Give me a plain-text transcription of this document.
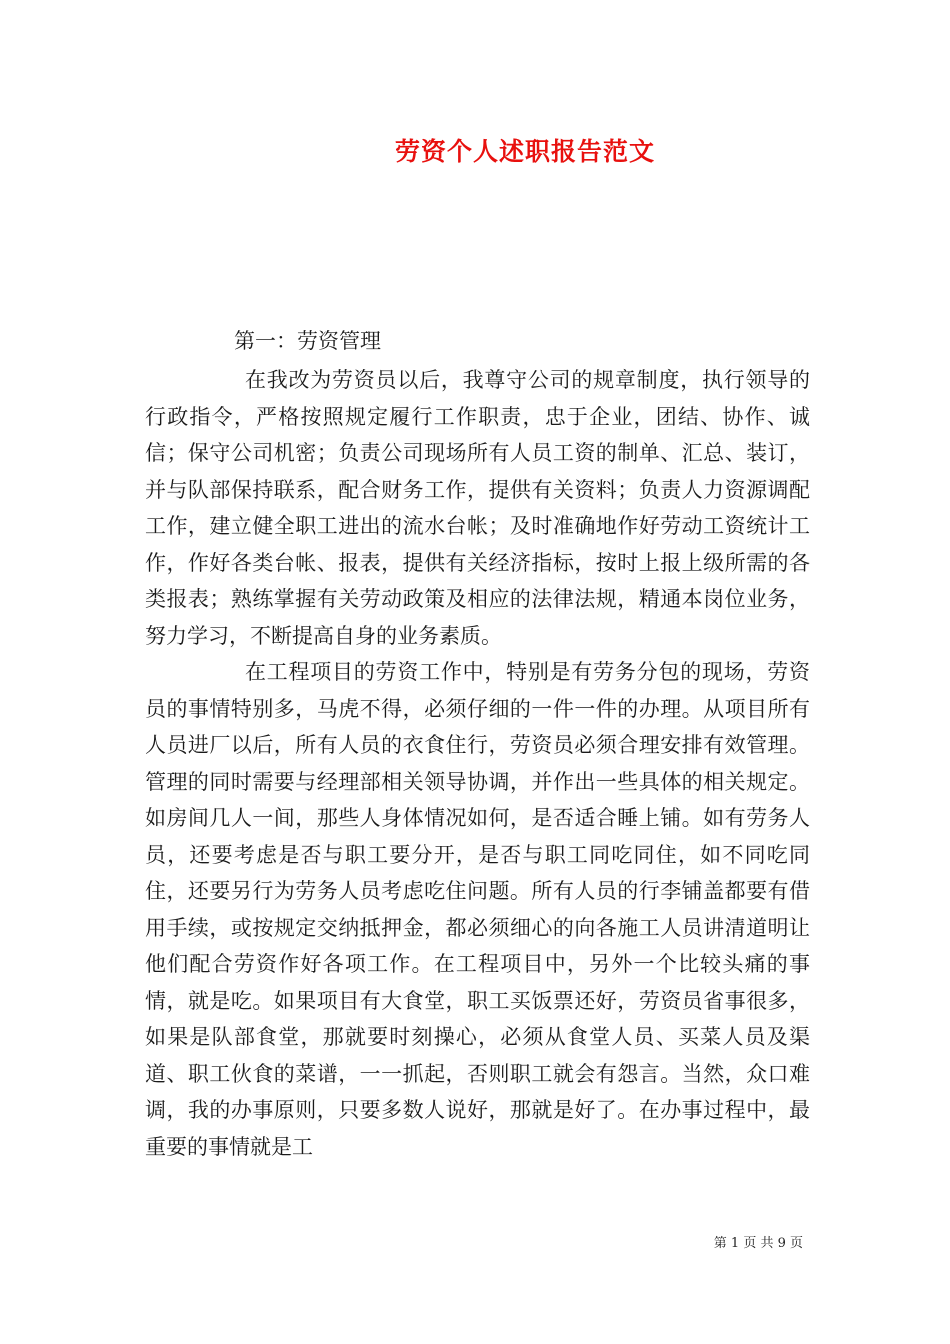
劳资个人述职报告范文
第一：劳资管理

在我改为劳资员以后，我尊守公司的规章制度，执行领导的行政指令，严格按照规定履行工作职责，忠于企业，团结、协作、诚信；保守公司机密；负责公司现场所有人员工资的制单、汇总、装订，并与队部保持联系，配合财务工作，提供有关资料；负责人力资源调配工作，建立健全职工进出的流水台帐；及时准确地作好劳动工资统计工作，作好各类台帐、报表，提供有关经济指标，按时上报上级所需的各类报表；熟练掌握有关劳动政策及相应的法律法规，精通本岗位业务，努力学习，不断提高自身的业务素质。

在工程项目的劳资工作中，特别是有劳务分包的现场，劳资员的事情特别多，马虎不得，必须仔细的一件一件的办理。从项目所有人员进厂以后，所有人员的衣食住行，劳资员必须合理安排有效管理。管理的同时需要与经理部相关领导协调，并作出一些具体的相关规定。如房间几人一间，那些人身体情况如何，是否适合睡上铺。如有劳务人员，还要考虑是否与职工要分开，是否与职工同吃同住，如不同吃同住，还要另行为劳务人员考虑吃住问题。所有人员的行李铺盖都要有借用手续，或按规定交纳抵押金，都必须细心的向各施工人员讲清道明让他们配合劳资作好各项工作。在工程项目中，另外一个比较头痛的事情，就是吃。如果项目有大食堂，职工买饭票还好，劳资员省事很多，如果是队部食堂，那就要时刻操心，必须从食堂人员、买菜人员及渠道、职工伙食的菜谱，一一抓起，否则职工就会有怨言。当然，众口难调，我的办事原则，只要多数人说好，那就是好了。在办事过程中，最重要的事情就是工

第 1 页 共 9 页
